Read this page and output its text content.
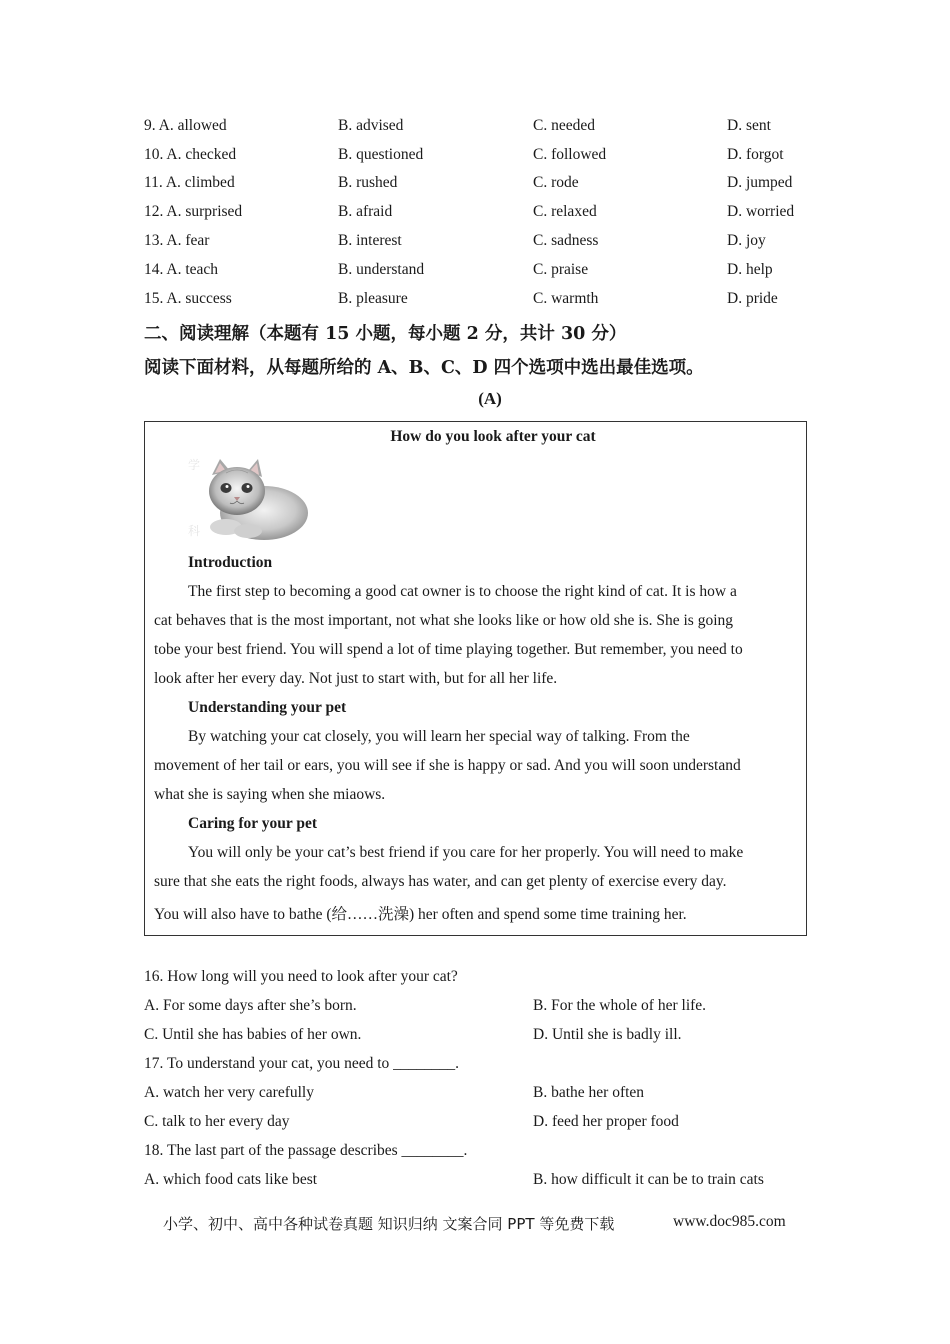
9. A. allowed	B. advised	C. needed	D. sent
10. A. checked	B. questioned	C. followed	D. forgot
11. A. climbed	B. rushed	C. rode	D. jumped
12. A. surprised	B. afraid	C. relaxed	D. worried
13. A. fear	B. interest	C. sadness	D. joy
14. A. teach	B. understand	C. praise	D. help
15. A. success	B. pleasure	C. warmth	D. pride
二、阅读理解（本题有 15 小题，每小题 2 分，共计 30 分）
阅读下面材料，从每题所给的 A、B、C、D 四个选项中选出最佳选项。
(A)
How do you look after your cat
学
科
Introduction
The first step to becoming a good cat owner is to choose the right kind of cat. It is how a
cat behaves that is the most important, not what she looks like or how old she is. She is going
tobe your best friend. You will spend a lot of time playing together. But remember, you need to
look after her every day. Not just to start with, but for all her life.
Understanding your pet
By watching your cat closely, you will learn her special way of talking. From the
movement of her tail or ears, you will see if she is happy or sad. And you will soon understand
what she is saying when she miaows.
Caring for your pet
You will only be your cat’s best friend if you care for her properly. You will need to make
sure that she eats the right foods, always has water, and can get plenty of exercise every day.
You will also have to bathe (给……洗澡) her often and spend some time training her.
16. How long will you need to look after your cat?
A. For some days after she’s born.	B. For the whole of her life.
C. Until she has babies of her own.	D. Until she is badly ill.
17. To understand your cat, you need to ________.
A. watch her very carefully	B. bathe her often
C. talk to her every day	D. feed her proper food
18. The last part of the passage describes ________.
A. which food cats like best	B. how difficult it can be to train cats
小学、初中、高中各种试卷真题 知识归纳 文案合同 PPT 等免费下载	www.doc985.com
